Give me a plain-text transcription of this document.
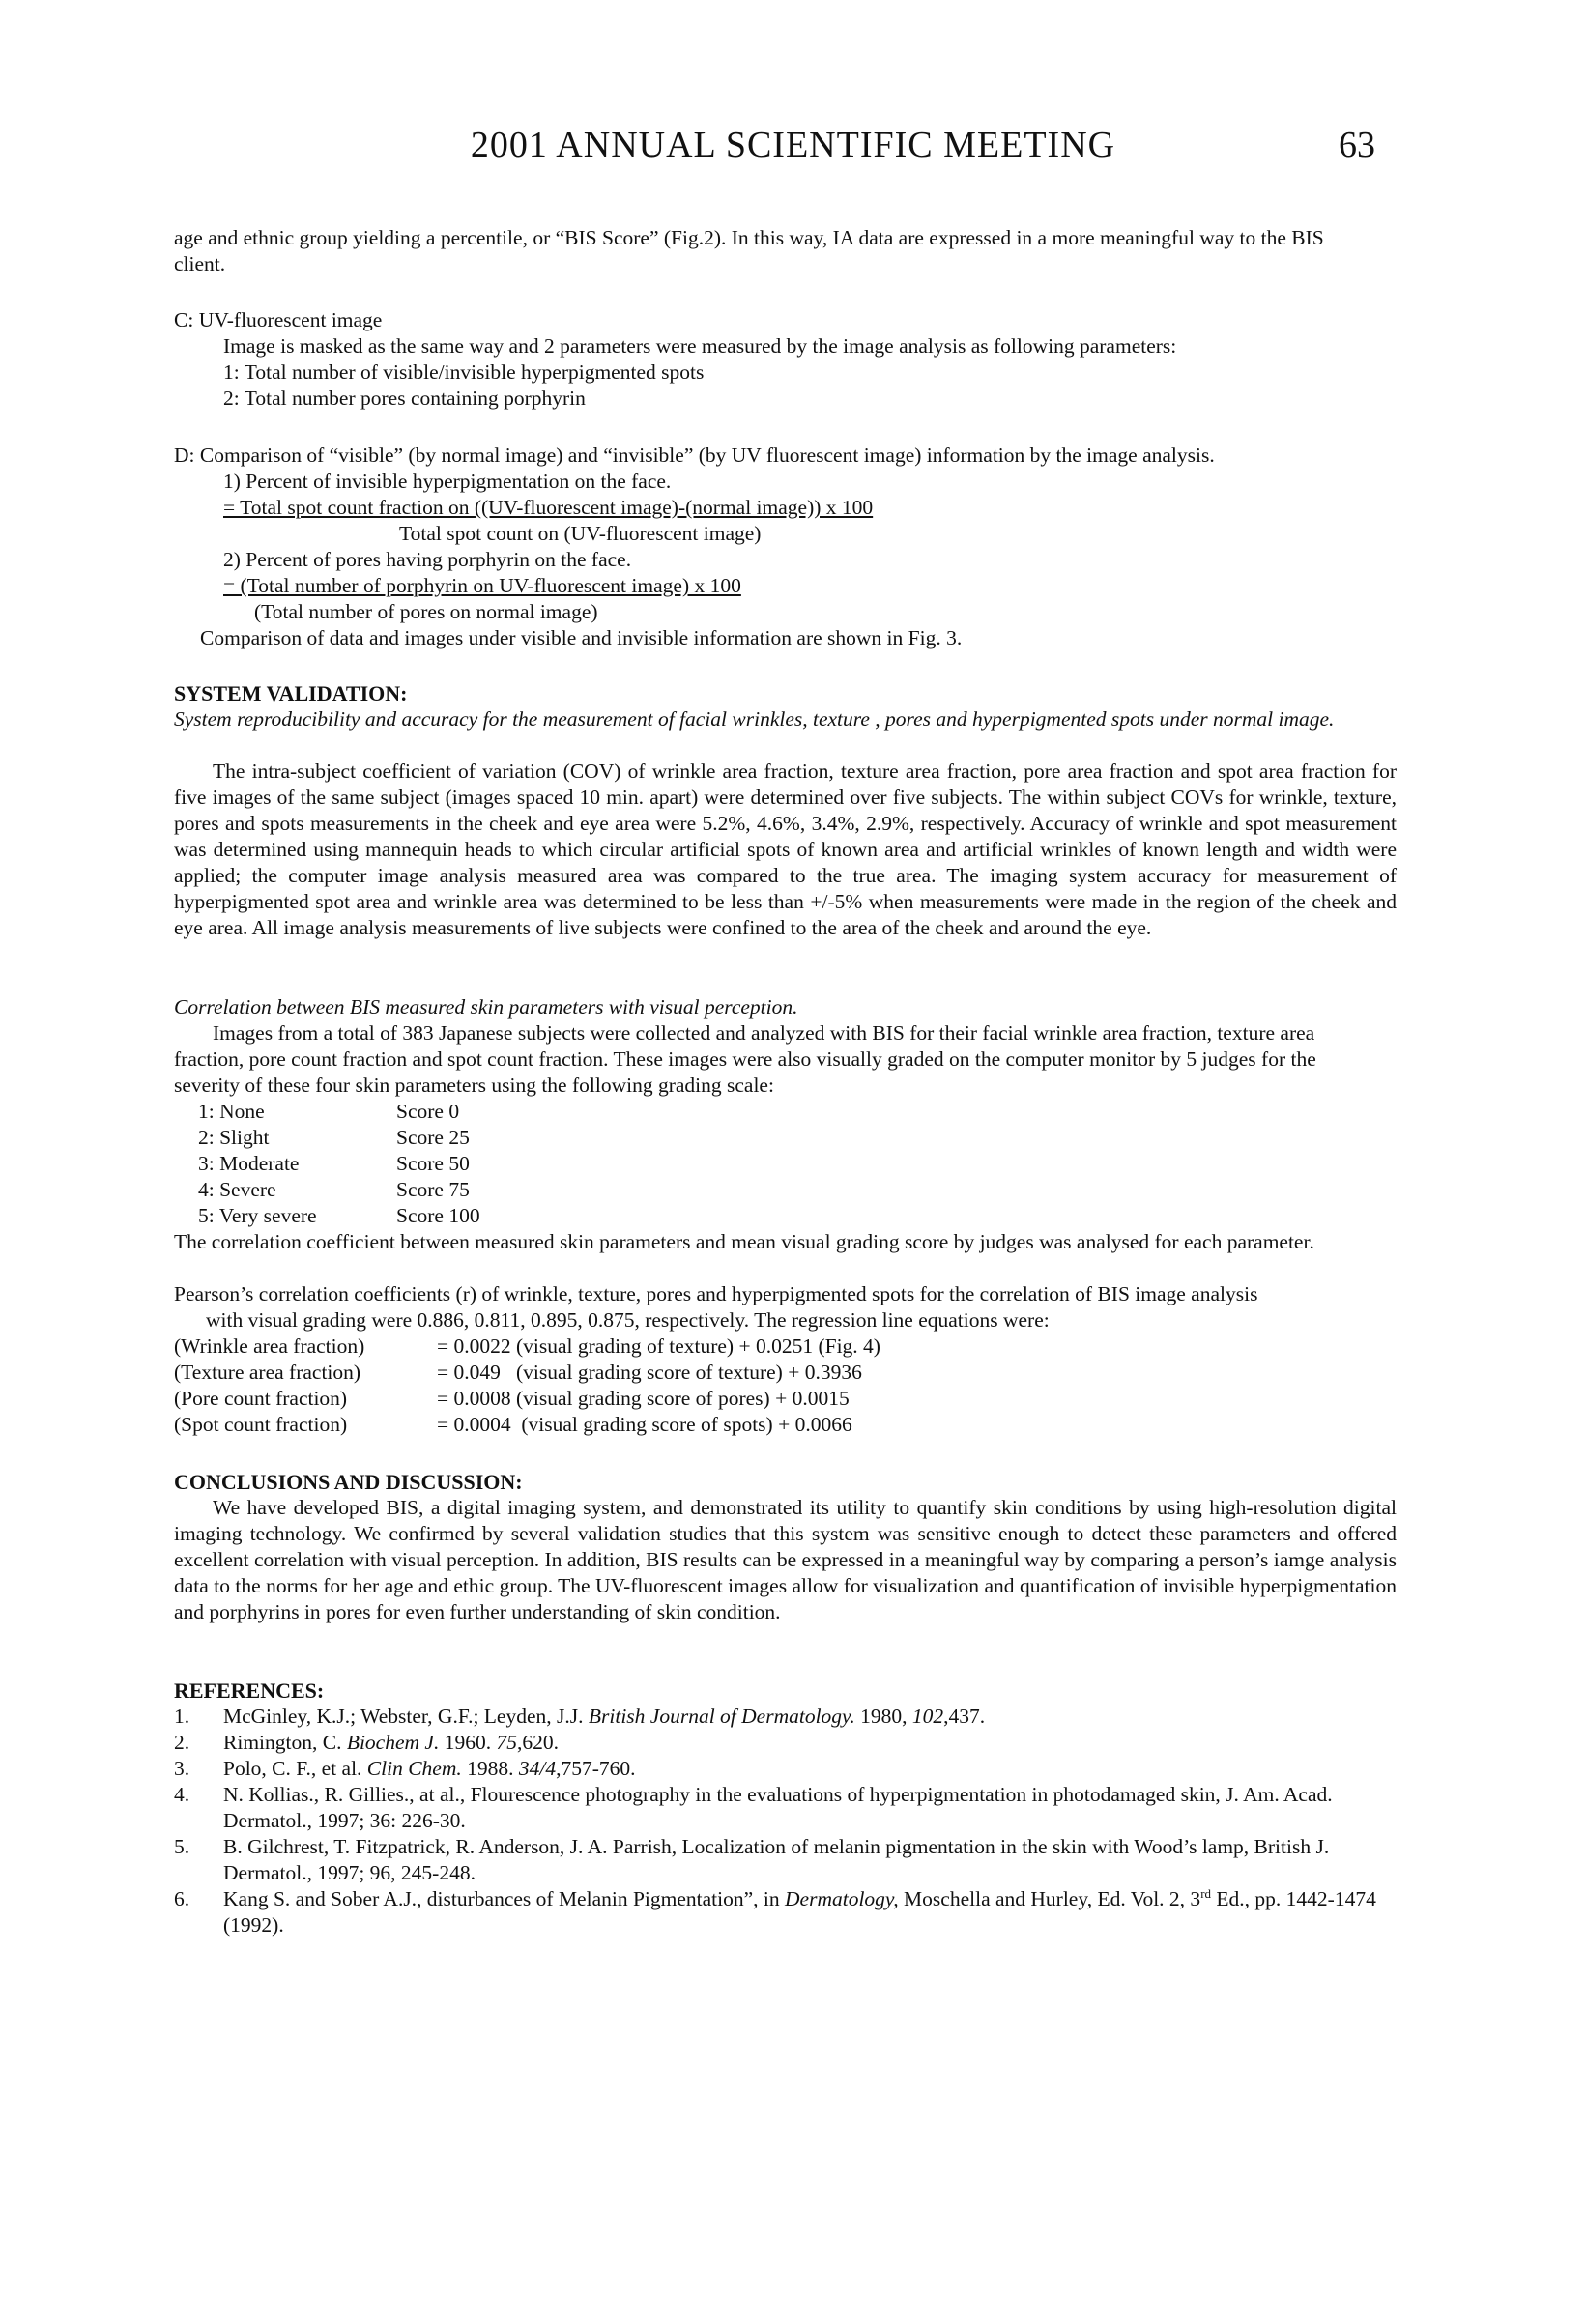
2001 ANNUAL SCIENTIFIC MEETING	63
age and ethnic group yielding a percentile, or “BIS Score” (Fig.2). In this way, IA data are expressed in a more meaningful way to the BIS client.
C: UV-fluorescent image
Image is masked as the same way and 2 parameters were measured by the image analysis as following parameters:
1: Total number of visible/invisible hyperpigmented spots
2: Total number pores containing porphyrin
D: Comparison of “visible” (by normal image) and “invisible” (by UV fluorescent image) information by the image analysis.
1) Percent of invisible hyperpigmentation on the face.
= Total spot count fraction on ((UV-fluorescent image)-(normal image)) x 100
Total spot count on (UV-fluorescent image)
2) Percent of pores having porphyrin on the face.
= (Total number of porphyrin on UV-fluorescent image) x 100
(Total number of pores on normal image)
Comparison of data and images under visible and invisible information are shown in Fig. 3.
SYSTEM VALIDATION:
System reproducibility and accuracy for the measurement of facial wrinkles, texture , pores and hyperpigmented spots under normal image.
The intra-subject coefficient of variation (COV) of wrinkle area fraction, texture area fraction, pore area fraction and spot area fraction for five images of the same subject (images spaced 10 min. apart) were determined over five subjects. The within subject COVs for wrinkle, texture, pores and spots measurements in the cheek and eye area were 5.2%, 4.6%, 3.4%, 2.9%, respectively. Accuracy of wrinkle and spot measurement was determined using mannequin heads to which circular artificial spots of known area and artificial wrinkles of known length and width were applied; the computer image analysis measured area was compared to the true area. The imaging system accuracy for measurement of hyperpigmented spot area and wrinkle area was determined to be less than +/-5% when measurements were made in the region of the cheek and eye area. All image analysis measurements of live subjects were confined to the area of the cheek and around the eye.
Correlation between BIS measured skin parameters with visual perception.
Images from a total of 383 Japanese subjects were collected and analyzed with BIS for their facial wrinkle area fraction, texture area fraction, pore count fraction and spot count fraction. These images were also visually graded on the computer monitor by 5 judges for the severity of these four skin parameters using the following grading scale:
1: None	Score 0
2: Slight	Score 25
3: Moderate	Score 50
4: Severe	Score 75
5: Very severe	Score 100
The correlation coefficient between measured skin parameters and mean visual grading score by judges was analysed for each parameter.
Pearson’s correlation coefficients (r) of wrinkle, texture, pores and hyperpigmented spots for the correlation of BIS image analysis
with visual grading were 0.886, 0.811, 0.895, 0.875, respectively. The regression line equations were:
(Wrinkle area fraction)	= 0.0022 (visual grading of texture) + 0.0251 (Fig. 4)
(Texture area fraction)	= 0.049   (visual grading score of texture) + 0.3936
(Pore count fraction)	= 0.0008 (visual grading score of pores) + 0.0015
(Spot count fraction)	= 0.0004  (visual grading score of spots) + 0.0066
CONCLUSIONS AND DISCUSSION:
We have developed BIS, a digital imaging system, and demonstrated its utility to quantify skin conditions by using high-resolution digital imaging technology. We confirmed by several validation studies that this system was sensitive enough to detect these parameters and offered excellent correlation with visual perception. In addition, BIS results can be expressed in a meaningful way by comparing a person’s iamge analysis data to the norms for her age and ethic group. The UV-fluorescent images allow for visualization and quantification of invisible hyperpigmentation and porphyrins in pores for even further understanding of skin condition.
REFERENCES:
1. McGinley, K.J.; Webster, G.F.; Leyden, J.J. British Journal of Dermatology. 1980, 102,437.
2. Rimington, C. Biochem J. 1960. 75,620.
3. Polo, C. F., et al. Clin Chem. 1988. 34/4,757-760.
4. N. Kollias., R. Gillies., at al., Flourescence photography in the evaluations of hyperpigmentation in photodamaged skin, J. Am. Acad. Dermatol., 1997; 36: 226-30.
5. B. Gilchrest, T. Fitzpatrick, R. Anderson, J. A. Parrish, Localization of melanin pigmentation in the skin with Wood’s lamp, British J. Dermatol., 1997; 96, 245-248.
6. Kang S. and Sober A.J., disturbances of Melanin Pigmentation”, in Dermatology, Moschella and Hurley, Ed. Vol. 2, 3rd Ed., pp. 1442-1474 (1992).
